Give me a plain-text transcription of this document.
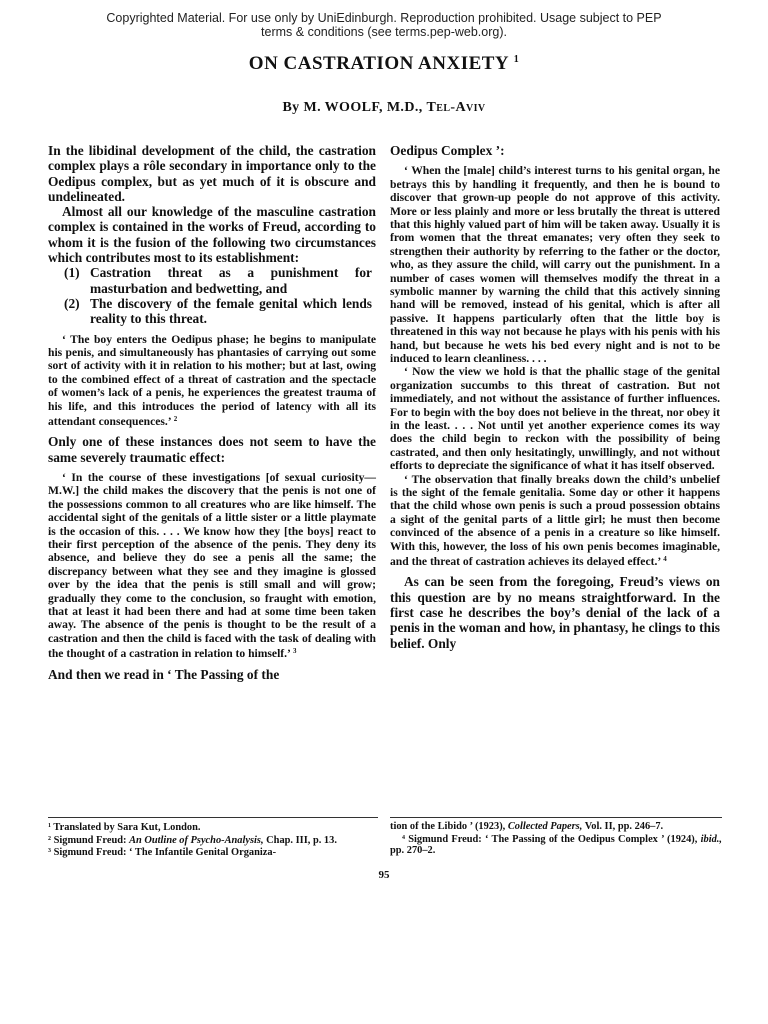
Copyrighted Material. For use only by UniEdinburgh. Reproduction prohibited. Usage subject to PEP
terms & conditions (see terms.pep-web.org).
ON CASTRATION ANXIETY $^1$
By M. WOOLF, M.D., Tel-Aviv

In the libidinal development of the child, the castration complex plays a rôle secondary in importance only to the Oedipus complex, but as yet much of it is obscure and undelineated.

Almost all our knowledge of the masculine castration complex is contained in the works of Freud, according to whom it is the fusion of the following two circumstances which contributes most to its establishment:

(1) Castration threat as a punishment for masturbation and bedwetting, and

(2) The discovery of the female genital which lends reality to this threat.

‘ The boy enters the Oedipus phase; he begins to manipulate his penis, and simultaneously has phantasies of carrying out some sort of activity with it in relation to his mother; but at last, owing to the combined effect of a threat of castration and the spectacle of women’s lack of a penis, he experiences the greatest trauma of his life, and this introduces the period of latency with all its attendant consequences.’ $^2$

Only one of these instances does not seem to have the same severely traumatic effect:

‘ In the course of these investigations [of sexual curiosity—M.W.] the child makes the discovery that the penis is not one of the possessions common to all creatures who are like himself. The accidental sight of the genitals of a little sister or a little playmate is the occasion of this. . . . We know how they [the boys] react to their first perception of the absence of the penis. They deny its absence, and believe they do see a penis all the same; the discrepancy between what they see and they imagine is glossed over by the idea that the penis is still small and will grow; gradually they come to the conclusion, so fraught with emotion, that at least it had been there and had at some time been taken away. The absence of the penis is thought to be the result of a castration and then the child is faced with the task of dealing with the thought of a castration in relation to himself.’ $^3$

And then we read in ‘ The Passing of the

Oedipus Complex ’:

‘ When the [male] child’s interest turns to his genital organ, he betrays this by handling it frequently, and then he is bound to discover that grown-up people do not approve of this activity. More or less plainly and more or less brutally the threat is uttered that this highly valued part of him will be taken away. Usually it is from women that the threat emanates; very often they seek to strengthen their authority by referring to the father or the doctor, who, as they assure the child, will carry out the punishment. In a number of cases women will themselves modify the threat in a symbolic manner by warning the child that this actively sinning hand will be removed, instead of his genital, which is after all passive. It happens particularly often that the little boy is threatened in this way not because he plays with his penis with his hand, but because he wets his bed every night and is not to be induced to learn cleanliness. . . .

‘ Now the view we hold is that the phallic stage of the genital organization succumbs to this threat of castration. But not immediately, and not without the assistance of further influences. For to begin with the boy does not believe in the threat, nor obey it in the least. . . . Not until yet another experience comes its way does the child begin to reckon with the possibility of being castrated, and then only hesitatingly, unwillingly, and not without efforts to depreciate the significance of what it has itself observed.

‘ The observation that finally breaks down the child’s unbelief is the sight of the female genitalia. Some day or other it happens that the child whose own penis is such a proud possession obtains a sight of the genital parts of a little girl; he must then become convinced of the absence of a penis in a creature so like himself. With this, however, the loss of his own penis becomes imaginable, and the threat of castration achieves its delayed effect.’ $^4$

As can be seen from the foregoing, Freud’s views on this question are by no means straightforward. In the first case he describes the boy’s denial of the lack of a penis in the woman and how, in phantasy, he clings to this belief. Only

$^1$ Translated by Sara Kut, London.

$^2$ Sigmund Freud: An Outline of Psycho-Analysis, Chap. III, p. 13.

$^3$ Sigmund Freud: ‘ The Infantile Genital Organiza-

tion of the Libido ’ (1923), Collected Papers, Vol. II, pp. 246–7.

$^4$ Sigmund Freud: ‘ The Passing of the Oedipus Complex ’ (1924), ibid., pp. 270–2.

95
